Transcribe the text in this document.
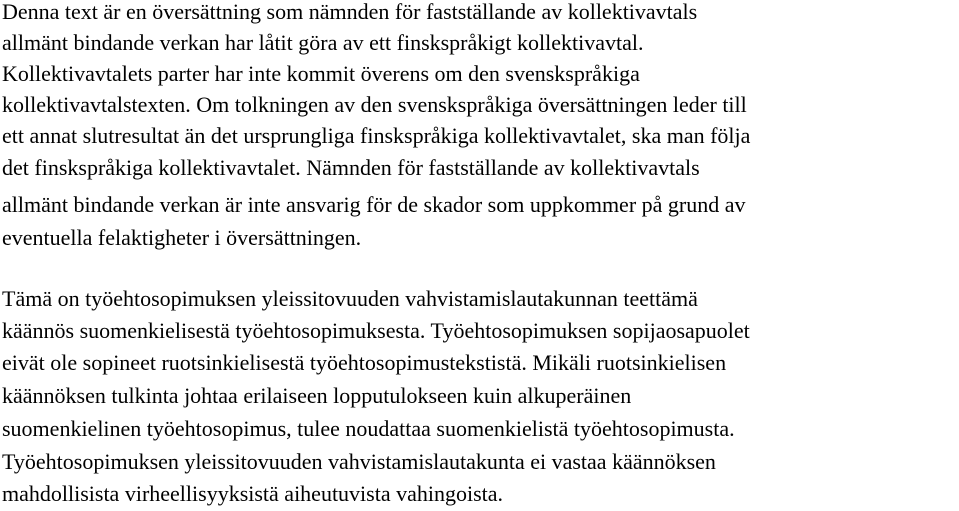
Denna text är en översättning som nämnden för fastställande av kollektivavtals
allmänt bindande verkan har låtit göra av ett finskspråkigt kollektivavtal.
Kollektivavtalets parter har inte kommit överens om den svenskspråkiga
kollektivavtalstexten. Om tolkningen av den svenskspråkiga översättningen leder till
ett annat slutresultat än det ursprungliga finskspråkiga kollektivavtalet, ska man följa
det finskspråkiga kollektivavtalet. Nämnden för fastställande av kollektivavtals
allmänt bindande verkan är inte ansvarig för de skador som uppkommer på grund av
eventuella felaktigheter i översättningen.
Tämä on työehtosopimuksen yleissitovuuden vahvistamislautakunnan teettämä
käännös suomenkielisestä työehtosopimuksesta. Työehtosopimuksen sopijaosapuolet
eivät ole sopineet ruotsinkielisestä työehtosopimustekstistä. Mikäli ruotsinkielisen
käännöksen tulkinta johtaa erilaiseen lopputulokseen kuin alkuperäinen
suomenkielinen työehtosopimus, tulee noudattaa suomenkielistä työehtosopimusta.
Työehtosopimuksen yleissitovuuden vahvistamislautakunta ei vastaa käännöksen
mahdollisista virheellisyyksistä aiheutuvista vahingoista.
